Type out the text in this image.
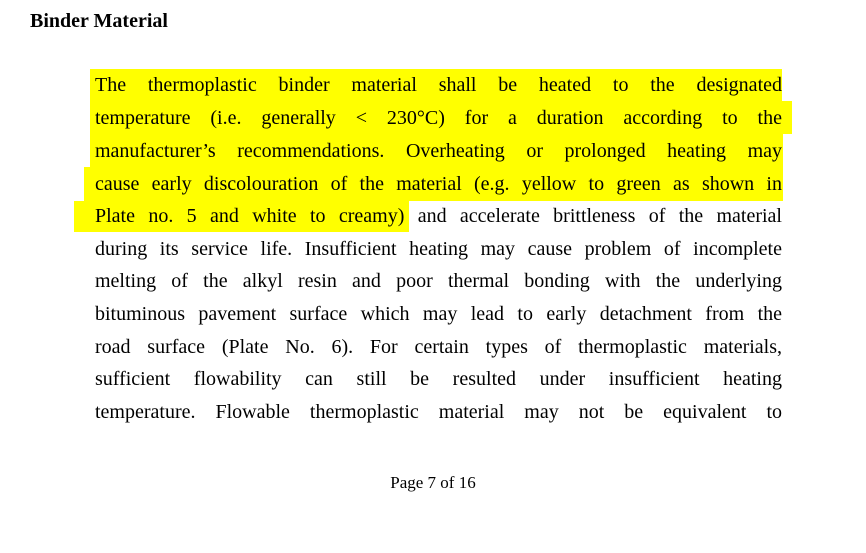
Binder Material
The thermoplastic binder material shall be heated to the designated
temperature (i.e. generally < 230°C) for a duration according to the
manufacturer’s recommendations. Overheating or prolonged heating may
cause early discolouration of the material (e.g. yellow to green as shown in
Plate no. 5 and white to creamy) and accelerate brittleness of the material
during its service life. Insufficient heating may cause problem of incomplete
melting of the alkyl resin and poor thermal bonding with the underlying
bituminous pavement surface which may lead to early detachment from the
road surface (Plate No. 6). For certain types of thermoplastic materials,
sufficient flowability can still be resulted under insufficient heating
temperature. Flowable thermoplastic material may not be equivalent to
Page 7 of 16
